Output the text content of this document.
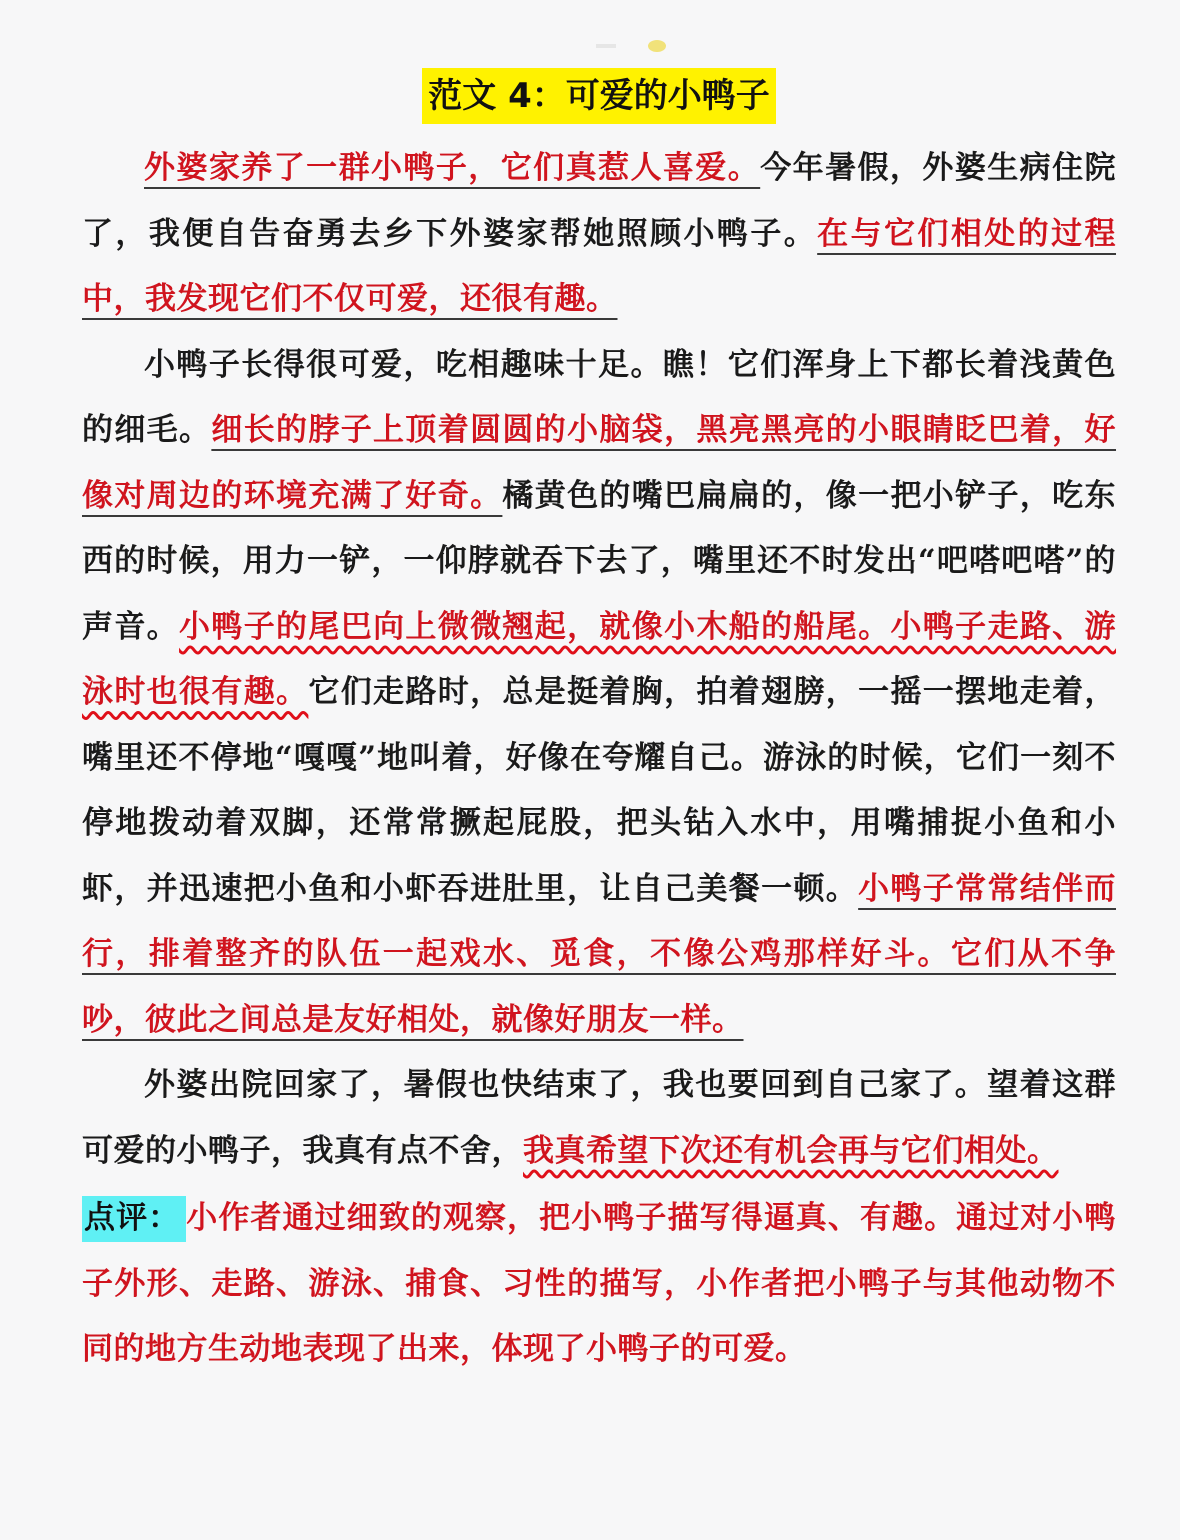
范文 4：可爱的小鸭子

外婆家养了一群小鸭子，它们真惹人喜爱。今年暑假，外婆生病住院了，我便自告奋勇去乡下外婆家帮她照顾小鸭子。在与它们相处的过程中，我发现它们不仅可爱，还很有趣。

小鸭子长得很可爱，吃相趣味十足。瞧！它们浑身上下都长着浅黄色的细毛。细长的脖子上顶着圆圆的小脑袋，黑亮黑亮的小眼睛眨巴着，好像对周边的环境充满了好奇。橘黄色的嘴巴扁扁的，像一把小铲子，吃东西的时候，用力一铲，一仰脖就吞下去了，嘴里还不时发出“吧嗒吧嗒”的声音。小鸭子的尾巴向上微微翘起，就像小木船的船尾。小鸭子走路、游泳时也很有趣。它们走路时，总是挺着胸，拍着翅膀，一摇一摆地走着，嘴里还不停地“嘎嘎”地叫着，好像在夸耀自己。游泳的时候，它们一刻不停地拨动着双脚，还常常撅起屁股，把头钻入水中，用嘴捕捉小鱼和小虾，并迅速把小鱼和小虾吞进肚里，让自己美餐一顿。小鸭子常常结伴而行，排着整齐的队伍一起戏水、觅食，不像公鸡那样好斗。它们从不争吵，彼此之间总是友好相处，就像好朋友一样。

外婆出院回家了，暑假也快结束了，我也要回到自己家了。望着这群可爱的小鸭子，我真有点不舍，我真希望下次还有机会再与它们相处。

点评： 小作者通过细致的观察，把小鸭子描写得逼真、有趣。通过对小鸭子外形、走路、游泳、捕食、习性的描写，小作者把小鸭子与其他动物不同的地方生动地表现了出来，体现了小鸭子的可爱。
